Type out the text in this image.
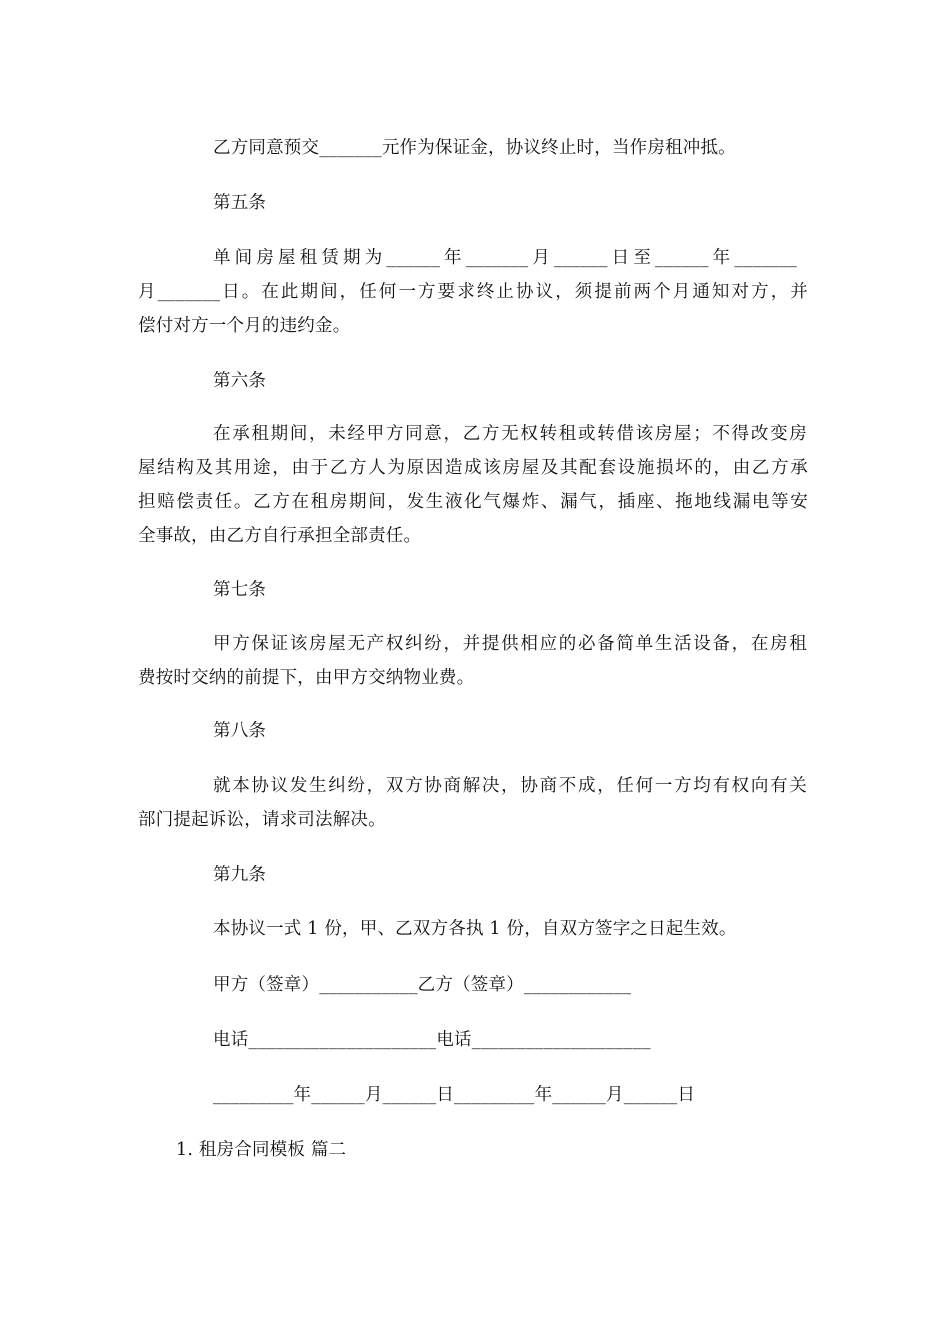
乙方同意预交_______元作为保证金，协议终止时，当作房租冲抵。
第五条
单间房屋租赁期为______年_______月______日至______年_______
月_______日。在此期间，任何一方要求终止协议，须提前两个月通知对方，并
偿付对方一个月的违约金。
第六条
在承租期间，未经甲方同意，乙方无权转租或转借该房屋；不得改变房
屋结构及其用途，由于乙方人为原因造成该房屋及其配套设施损坏的，由乙方承
担赔偿责任。乙方在租房期间，发生液化气爆炸、漏气，插座、拖地线漏电等安
全事故，由乙方自行承担全部责任。
第七条
甲方保证该房屋无产权纠纷，并提供相应的必备简单生活设备，在房租
费按时交纳的前提下，由甲方交纳物业费。
第八条
就本协议发生纠纷，双方协商解决，协商不成，任何一方均有权向有关
部门提起诉讼，请求司法解决。
第九条
本协议一式 1 份，甲、乙双方各执 1 份，自双方签字之日起生效。
甲方（签章）___________乙方（签章）____________
电话_____________________电话____________________
_________年______月______日_________年______月______日
1. 租房合同模板 篇二
